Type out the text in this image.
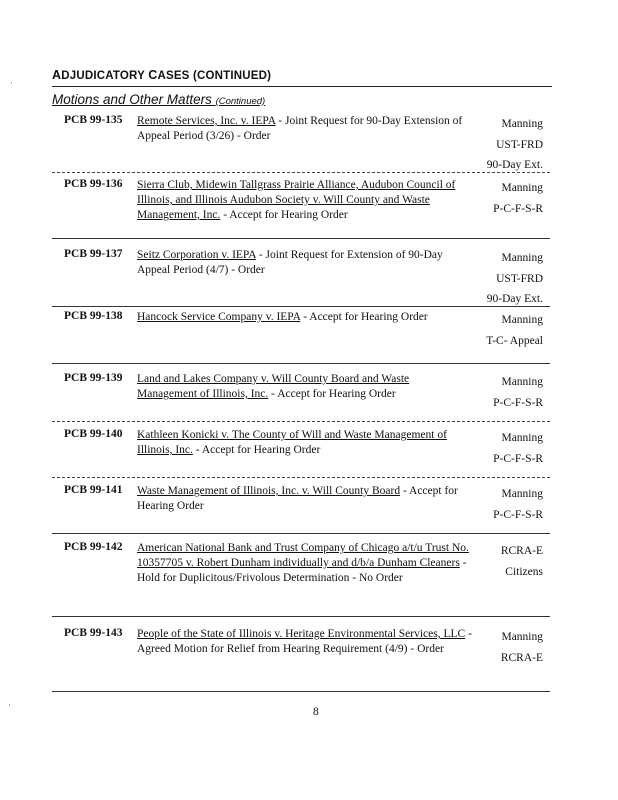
ADJUDICATORY CASES (CONTINUED)
Motions and Other Matters (Continued)
PCB 99-135 Remote Services, Inc. v. IEPA - Joint Request for 90-Day Extension of Appeal Period (3/26) - Order
Manning
UST-FRD
90-Day Ext.
PCB 99-136 Sierra Club, Midewin Tallgrass Prairie Alliance, Audubon Council of Illinois, and Illinois Audubon Society v. Will County and Waste Management, Inc. - Accept for Hearing Order
Manning
P-C-F-S-R
PCB 99-137 Seitz Corporation v. IEPA - Joint Request for Extension of 90-Day Appeal Period (4/7) - Order
Manning
UST-FRD
90-Day Ext.
PCB 99-138 Hancock Service Company v. IEPA - Accept for Hearing Order	Manning
T-C- Appeal
PCB 99-139 Land and Lakes Company v. Will County Board and Waste Management of Illinois, Inc. - Accept for Hearing Order
Manning
P-C-F-S-R
PCB 99-140 Kathleen Konicki v. The County of Will and Waste Management of Illinois, Inc. - Accept for Hearing Order
Manning
P-C-F-S-R
PCB 99-141 Waste Management of Illinois, Inc. v. Will County Board - Accept for Hearing Order
Manning
P-C-F-S-R
PCB 99-142 American National Bank and Trust Company of Chicago a/t/u Trust No. 10357705 v. Robert Dunham individually and d/b/a Dunham Cleaners - Hold for Duplicitous/Frivolous Determination - No Order
RCRA-E
Citizens
PCB 99-143 People of the State of Illinois v. Heritage Environmental Services, LLC - Agreed Motion for Relief from Hearing Requirement (4/9) - Order
Manning
RCRA-E
8
·
·
